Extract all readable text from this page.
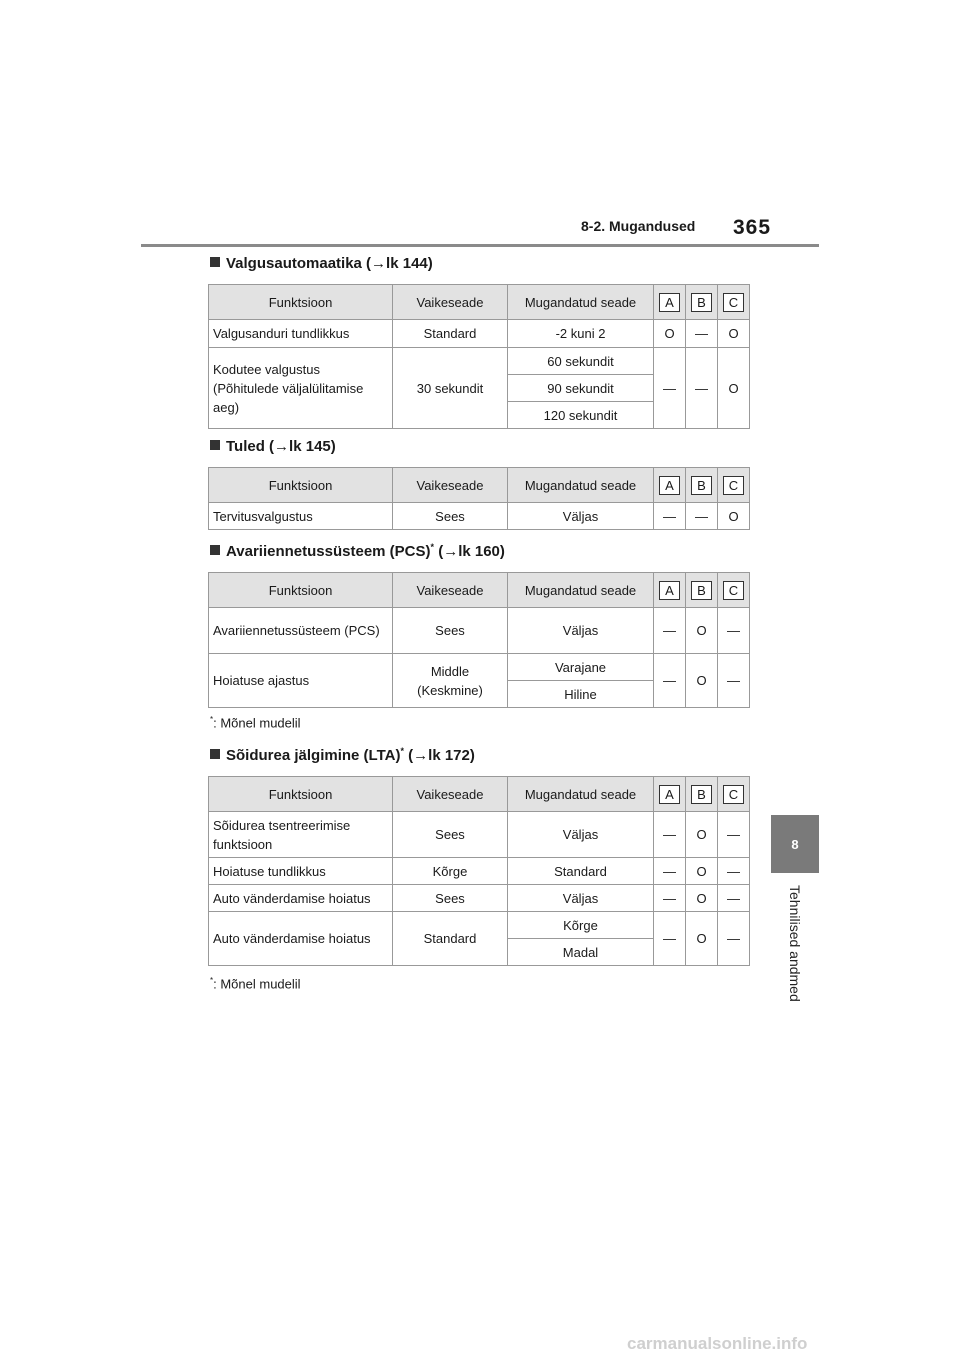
8-2. Mugandused 365
8
Tehnilised andmed
Valgusautomaatika (→lk 144)
Funktsioon	Vaikeseade	Mugandatud seade	A	B	C
Valgusanduri tundlikkus	Standard	-2 kuni 2	O	—	O
Kodutee valgustus (Põhitulede väljalülitamise aeg)	30 sekundit	60 sekundit	—	—	O
		90 sekundit			
		120 sekundit			
Tuled (→lk 145)
Funktsioon	Vaikeseade	Mugandatud seade	A	B	C
Tervitusvalgustus	Sees	Väljas	—	—	O
Avariiennetussüsteem (PCS)* (→lk 160)
Funktsioon	Vaikeseade	Mugandatud seade	A	B	C
Avariiennetussüsteem (PCS)	Sees	Väljas	—	O	—
Hoiatuse ajastus	Middle (Keskmine)	Varajane	—	O	—
		Hiline			
*: Mõnel mudelil
Sõidurea jälgimine (LTA)* (→lk 172)
Funktsioon	Vaikeseade	Mugandatud seade	A	B	C
Sõidurea tsentreerimise funktsioon	Sees	Väljas	—	O	—
Hoiatuse tundlikkus	Kõrge	Standard	—	O	—
Auto vänderdamise hoiatus	Sees	Väljas	—	O	—
Auto vänderdamise hoiatus	Standard	Kõrge	—	O	—
		Madal			
*: Mõnel mudelil
carmanualsonline.info
